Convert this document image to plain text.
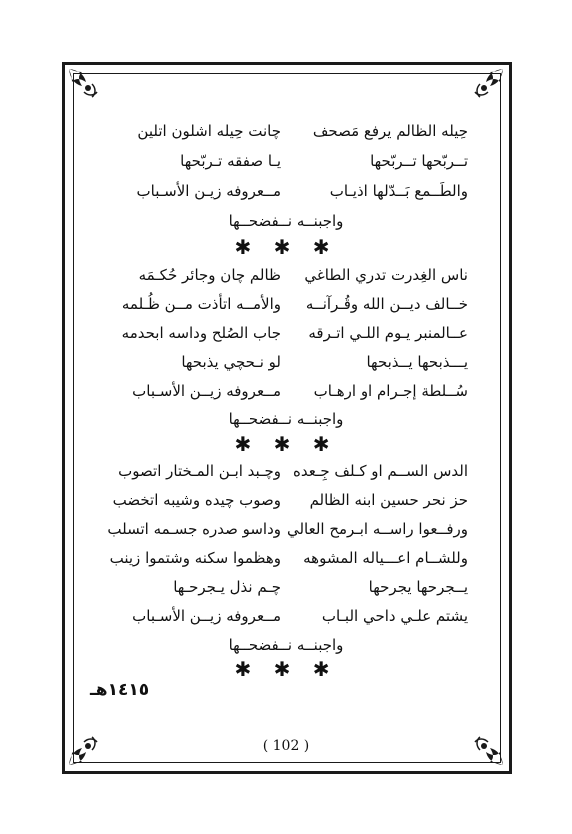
حِيله الظالم يرفع مَصحف
چانت حِيله اشلون اتلين
تــربّحها تــربّحها
يـا صفقه تـربّحها
والطَــمع بَــدّلها اذيـاب
مــعروفه زيـن الأسـباب
واجبنــه نــفضحــها
✱ ✱ ✱
ناس الغِدرت تدري الطاغي
ظالم چان وجائر حُكـمَه
خــالف ديــن الله وقُـرآنــه
والأمــه اتأذت مــن ظُـلمه
عــالمنبر يـوم اللـي اتـرقه
جاب الصُلح وداسه ابحدمه
يـــذبحها يــذبحها
لو نـحچي يذبحها
سُــلطة إجـرام او ارهـاب
مــعروفه زيــن الأسـباب
واجبنــه نــفضحــها
✱ ✱ ✱
الدس الســم او كـلف جِـعده
وچـبد ابـن المـختار اتصوب
حز نحر حسين ابنه الظالم
وصوب چيده وشيبه اتخضب
ورفــعوا راســه ابـرمح العالي
وداسو صدره جسـمه اتسلب
وللشــام اعـــياله المشوهه
وهظموا سكنه وشتموا زينب
يــجرحها يجرحها
چـم نذل يـجرحـها
يشتم علـي داحي البـاب
مــعروفه زيــن الأسـباب
واجبنــه نــفضحــها
✱ ✱ ✱
١٤١٥هـ
( 102 )
